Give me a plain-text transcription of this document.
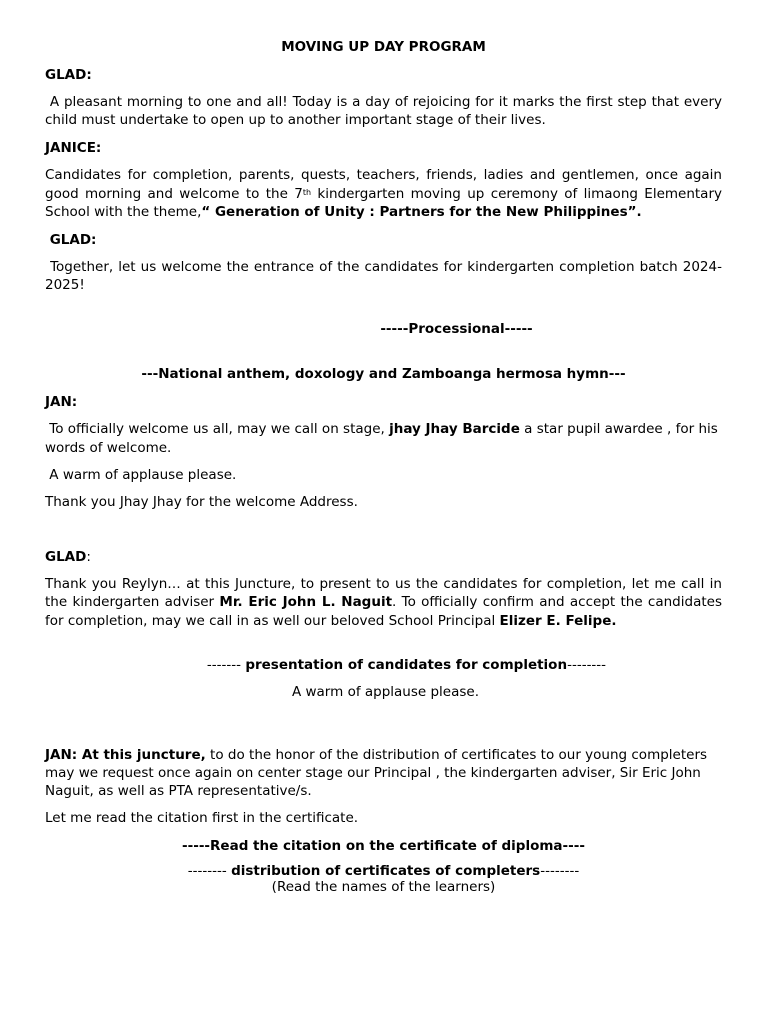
MOVING UP DAY PROGRAM

GLAD:

A pleasant morning to one and all! Today is a day of rejoicing for it marks the first step that every child must undertake to open up to another important stage of their lives.

JANICE:

Candidates for completion, parents, quests, teachers, friends, ladies and gentlemen, once again good morning and welcome to the 7th kindergarten moving up ceremony of limaong Elementary School with the theme,“ Generation of Unity : Partners for the New Philippines”.

GLAD:

Together, let us welcome the entrance of the candidates for kindergarten completion batch 2024-2025!

-----Processional-----

---National anthem, doxology and Zamboanga hermosa hymn---

JAN:

To officially welcome us all, may we call on stage, jhay Jhay Barcide a star pupil awardee , for his words of welcome.

A warm of applause please.

Thank you Jhay Jhay for the welcome Address.

GLAD:

Thank you Reylyn… at this Juncture, to present to us the candidates for completion, let me call in the kindergarten adviser Mr. Eric John L. Naguit. To officially confirm and accept the candidates for completion, may we call in as well our beloved School Principal Elizer E. Felipe.

------- presentation of candidates for completion--------

A warm of applause please.

JAN: At this juncture, to do the honor of the distribution of certificates to our young completers may we request once again on center stage our Principal , the kindergarten adviser, Sir Eric John Naguit, as well as PTA representative/s.

Let me read the citation first in the certificate.

-----Read the citation on the certificate of diploma----

-------- distribution of certificates of completers--------

(Read the names of the learners)
